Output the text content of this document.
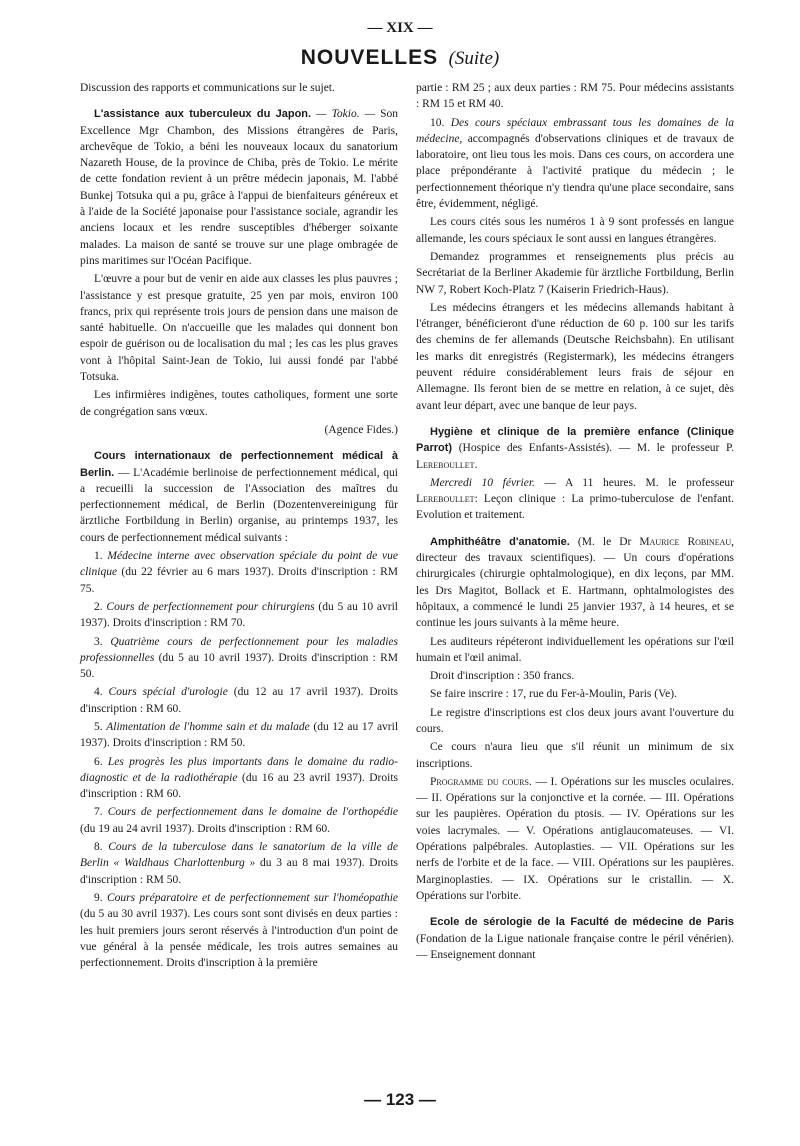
— XIX —
NOUVELLES (Suite)

Discussion des rapports et communications sur le sujet.

L'assistance aux tuberculeux du Japon. — Tokio. — Son Excellence Mgr Chambon, des Missions étrangères de Paris, archevêque de Tokio, a béni les nouveaux locaux du sanatorium Nazareth House, de la province de Chiba, près de Tokio. Le mérite de cette fondation revient à un prêtre médecin japonais, M. l'abbé Bunkej Totsuka qui a pu, grâce à l'appui de bienfaiteurs généreux et à l'aide de la Société japonaise pour l'assistance sociale, agrandir les anciens locaux et les rendre susceptibles d'héberger soixante malades. La maison de santé se trouve sur une plage ombragée de pins maritimes sur l'Océan Pacifique.

L'œuvre a pour but de venir en aide aux classes les plus pauvres ; l'assistance y est presque gratuite, 25 yen par mois, environ 100 francs, prix qui représente trois jours de pension dans une maison de santé habituelle. On n'accueille que les malades qui donnent bon espoir de guérison ou de localisation du mal ; les cas les plus graves vont à l'hôpital Saint-Jean de Tokio, lui aussi fondé par l'abbé Totsuka.

Les infirmières indigènes, toutes catholiques, forment une sorte de congrégation sans vœux.

(Agence Fides.)

Cours internationaux de perfectionnement médical à Berlin. — L'Académie berlinoise de perfectionnement médical, qui a recueilli la succession de l'Association des maîtres du perfectionnement médical, de Berlin (Dozentenvereinigung für ärztliche Fortbildung in Berlin) organise, au printemps 1937, les cours de perfectionnement médical suivants :

1. Médecine interne avec observation spéciale du point de vue clinique (du 22 février au 6 mars 1937). Droits d'inscription : RM 75.

2. Cours de perfectionnement pour chirurgiens (du 5 au 10 avril 1937). Droits d'inscription : RM 70.

3. Quatrième cours de perfectionnement pour les maladies professionnelles (du 5 au 10 avril 1937). Droits d'inscription : RM 50.

4. Cours spécial d'urologie (du 12 au 17 avril 1937). Droits d'inscription : RM 60.

5. Alimentation de l'homme sain et du malade (du 12 au 17 avril 1937). Droits d'inscription : RM 50.

6. Les progrès les plus importants dans le domaine du radio-diagnostic et de la radiothérapie (du 16 au 23 avril 1937). Droits d'inscription : RM 60.

7. Cours de perfectionnement dans le domaine de l'orthopédie (du 19 au 24 avril 1937). Droits d'inscription : RM 60.

8. Cours de la tuberculose dans le sanatorium de la ville de Berlin « Waldhaus Charlottenburg » du 3 au 8 mai 1937). Droits d'inscription : RM 50.

9. Cours préparatoire et de perfectionnement sur l'homéopathie (du 5 au 30 avril 1937). Les cours sont sont divisés en deux parties : les huit premiers jours seront réservés à l'introduction d'un point de vue général à la pensée médicale, les trois autres semaines au perfectionnement. Droits d'inscription à la première

partie : RM 25 ; aux deux parties : RM 75. Pour médecins assistants : RM 15 et RM 40.

10. Des cours spéciaux embrassant tous les domaines de la médecine, accompagnés d'observations cliniques et de travaux de laboratoire, ont lieu tous les mois. Dans ces cours, on accordera une place prépondérante à l'activité pratique du médecin ; le perfectionnement théorique n'y tiendra qu'une place secondaire, sans être, évidemment, négligé.

Les cours cités sous les numéros 1 à 9 sont professés en langue allemande, les cours spéciaux le sont aussi en langues étrangères.

Demandez programmes et renseignements plus précis au Secrétariat de la Berliner Akademie für ärztliche Fortbildung, Berlin NW 7, Robert Koch-Platz 7 (Kaiserin Friedrich-Haus).

Les médecins étrangers et les médecins allemands habitant à l'étranger, bénéficieront d'une réduction de 60 p. 100 sur les tarifs des chemins de fer allemands (Deutsche Reichsbahn). En utilisant les marks dit enregistrés (Registermark), les médecins étrangers peuvent réduire considérablement leurs frais de séjour en Allemagne. Ils feront bien de se mettre en relation, à ce sujet, dès avant leur départ, avec une banque de leur pays.

Hygiène et clinique de la première enfance (Clinique Parrot) (Hospice des Enfants-Assistés). — M. le professeur P. Lereboullet.

Mercredi 10 février. — A 11 heures. M. le professeur Lereboullet: Leçon clinique : La primo-tuberculose de l'enfant. Evolution et traitement.

Amphithéâtre d'anatomie. (M. le Dr Maurice Robineau, directeur des travaux scientifiques). — Un cours d'opérations chirurgicales (chirurgie ophtalmologique), en dix leçons, par MM. les Drs Magitot, Bollack et E. Hartmann, ophtalmologistes des hôpitaux, a commencé le lundi 25 janvier 1937, à 14 heures, et se continue les jours suivants à la même heure.

Les auditeurs répéteront individuellement les opérations sur l'œil humain et l'œil animal.

Droit d'inscription : 350 francs.

Se faire inscrire : 17, rue du Fer-à-Moulin, Paris (Ve).

Le registre d'inscriptions est clos deux jours avant l'ouverture du cours.

Ce cours n'aura lieu que s'il réunit un minimum de six inscriptions.

Programme du cours. — I. Opérations sur les muscles oculaires. — II. Opérations sur la conjonctive et la cornée. — III. Opérations sur les paupières. Opération du ptosis. — IV. Opérations sur les voies lacrymales. — V. Opérations antiglaucomateuses. — VI. Opérations palpébrales. Autoplasties. — VII. Opérations sur les nerfs de l'orbite et de la face. — VIII. Opérations sur les paupières. Marginoplasties. — IX. Opérations sur le cristallin. — X. Opérations sur l'orbite.

Ecole de sérologie de la Faculté de médecine de Paris (Fondation de la Ligue nationale française contre le péril vénérien). — Enseignement donnant

— 123 —
